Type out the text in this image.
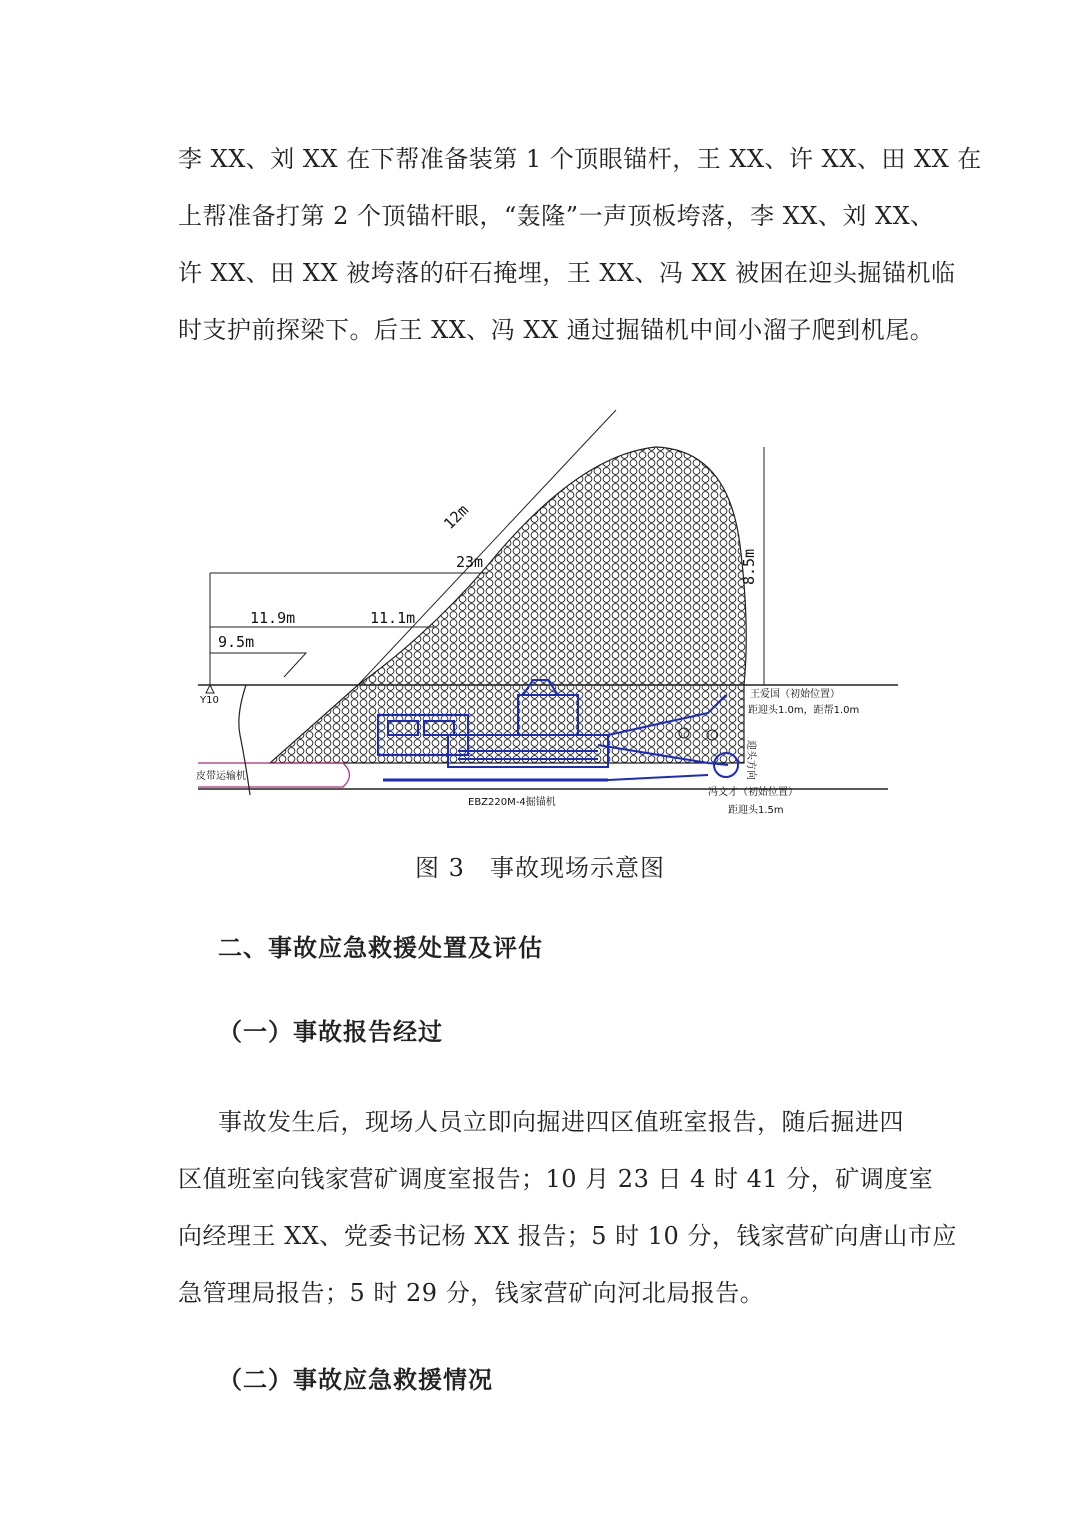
李 XX、刘 XX 在下帮准备装第 1 个顶眼锚杆，王 XX、许 XX、田 XX 在
上帮准备打第 2 个顶锚杆眼，“轰隆”一声顶板垮落，李 XX、刘 XX、
许 XX、田 XX 被垮落的矸石掩埋，王 XX、冯 XX 被困在迎头掘锚机临
时支护前探梁下。后王 XX、冯 XX 通过掘锚机中间小溜子爬到机尾。
12m
23m
11.9m	11.1m
9.5m
8.5m
Y10
皮带运输机
EBZ220M-4掘锚机
王爱国（初始位置）
距迎头1.0m，距帮1.0m
冯文才（初始位置）
距迎头1.5m
迎头方向
图 3　事故现场示意图
二、事故应急救援处置及评估
（一）事故报告经过
事故发生后，现场人员立即向掘进四区值班室报告，随后掘进四
区值班室向钱家营矿调度室报告；10 月 23 日 4 时 41 分，矿调度室
向经理王 XX、党委书记杨 XX 报告；5 时 10 分，钱家营矿向唐山市应
急管理局报告；5 时 29 分，钱家营矿向河北局报告。
（二）事故应急救援情况
